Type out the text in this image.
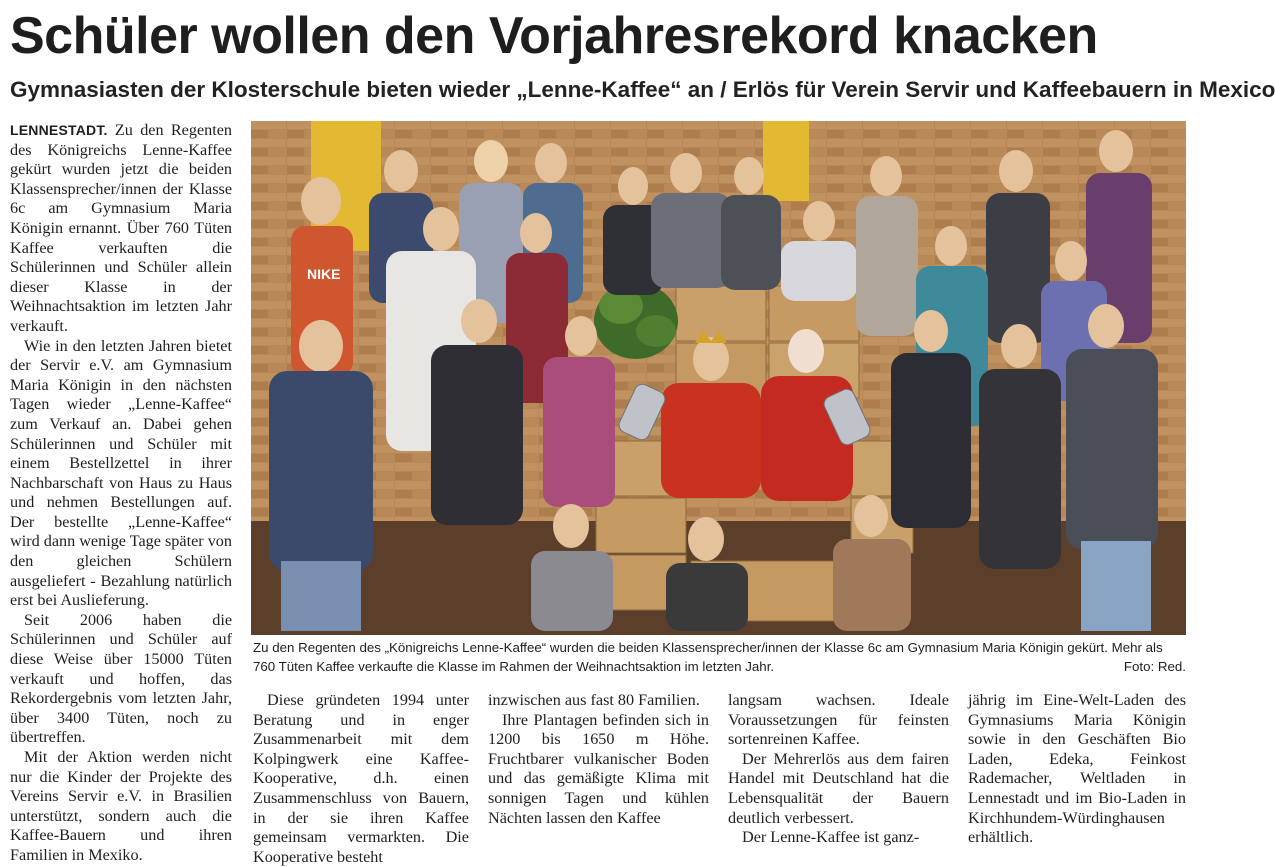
Schüler wollen den Vorjahresrekord knacken
Gymnasiasten der Klosterschule bieten wieder „Lenne-Kaffee“ an / Erlös für Verein Servir und Kaffeebauern in Mexico

LENNESTADT. Zu den Regenten des Königreichs Lenne-Kaffee gekürt wurden jetzt die beiden Klassensprecher/innen der Klasse 6c am Gymnasium Maria Königin ernannt. Über 760 Tüten Kaffee verkauften die Schülerinnen und Schüler allein dieser Klasse in der Weihnachtsaktion im letzten Jahr verkauft.

Wie in den letzten Jahren bietet der Servir e.V. am Gymnasium Maria Königin in den nächsten Tagen wieder „Lenne-Kaffee“ zum Verkauf an. Dabei gehen Schülerinnen und Schüler mit einem Bestellzettel in ihrer Nachbarschaft von Haus zu Haus und nehmen Bestellungen auf. Der bestellte „Lenne-Kaffee“ wird dann wenige Tage später von den gleichen Schülern ausgeliefert - Bezahlung natürlich erst bei Auslieferung.

Seit 2006 haben die Schülerinnen und Schüler auf diese Weise über 15000 Tüten verkauft und hoffen, das Rekordergebnis vom letzten Jahr, über 3400 Tüten, noch zu übertreffen.

Mit der Aktion werden nicht nur die Kinder der Projekte des Vereins Servir e.V. in Brasilien unterstützt, sondern auch die Kaffee-Bauern und ihren Familien in Mexiko.

NIKE

Zu den Regenten des „Königreichs Lenne-Kaffee“ wurden die beiden Klassensprecher/innen der Klasse 6c am Gymnasium Maria Königin gekürt. Mehr als 760 Tüten Kaffee verkaufte die Klasse im Rahmen der Weihnachtsaktion im letzten Jahr.	Foto: Red.

Diese gründeten 1994 unter Beratung und in enger Zusammenarbeit mit dem Kolpingwerk eine Kaffee-Kooperative, d.h. einen Zusammenschluss von Bauern, in der sie ihren Kaffee gemeinsam vermarkten. Die Kooperative besteht

inzwischen aus fast 80 Familien.

Ihre Plantagen befinden sich in 1200 bis 1650 m Höhe. Fruchtbarer vulkanischer Boden und das gemäßigte Klima mit sonnigen Tagen und kühlen Nächten lassen den Kaffee

langsam wachsen. Ideale Voraussetzungen für feinsten sortenreinen Kaffee.

Der Mehrerlös aus dem fairen Handel mit Deutschland hat die Lebensqualität der Bauern deutlich verbessert.

Der Lenne-Kaffee ist ganz-

jährig im Eine-Welt-Laden des Gymnasiums Maria Königin sowie in den Geschäften Bio Laden, Edeka, Feinkost Rademacher, Weltladen in Lennestadt und im Bio-Laden in Kirchhundem-Würdinghausen erhältlich.
